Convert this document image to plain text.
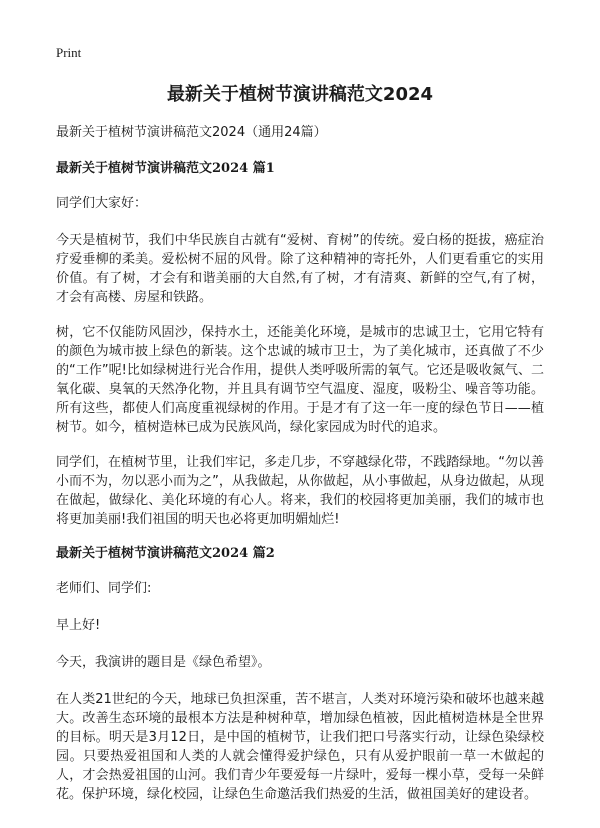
Print
最新关于植树节演讲稿范文2024

最新关于植树节演讲稿范文2024（通用24篇）

最新关于植树节演讲稿范文2024 篇1

同学们大家好：

今天是植树节，我们中华民族自古就有“爱树、育树”的传统。爱白杨的挺拔，癌症治疗爱垂柳的柔美。爱松树不屈的风骨。除了这种精神的寄托外，人们更看重它的实用价值。有了树，才会有和谐美丽的大自然,有了树，才有清爽、新鲜的空气,有了树，才会有高楼、房屋和铁路。

树，它不仅能防风固沙，保持水土，还能美化环境，是城市的忠诚卫士，它用它特有的颜色为城市披上绿色的新装。这个忠诚的城市卫士，为了美化城市，还真做了不少的“工作”呢!比如绿树进行光合作用，提供人类呼吸所需的氧气。它还是吸收氮气、二氧化碳、臭氧的天然净化物，并且具有调节空气温度、湿度，吸粉尘、噪音等功能。所有这些，都使人们高度重视绿树的作用。于是才有了这一年一度的绿色节日——植树节。如今，植树造林已成为民族风尚，绿化家园成为时代的追求。

同学们，在植树节里，让我们牢记，多走几步，不穿越绿化带，不践踏绿地。“勿以善小而不为，勿以恶小而为之”，从我做起，从你做起，从小事做起，从身边做起，从现在做起，做绿化、美化环境的有心人。将来，我们的校园将更加美丽，我们的城市也将更加美丽!我们祖国的明天也必将更加明媚灿烂!

最新关于植树节演讲稿范文2024 篇2

老师们、同学们:

早上好!

今天，我演讲的题目是《绿色希望》。

在人类21世纪的今天，地球已负担深重，苦不堪言，人类对环境污染和破坏也越来越大。改善生态环境的最根本方法是种树种草，增加绿色植被，因此植树造林是全世界的目标。明天是3月12日，是中国的植树节，让我们把口号落实行动，让绿色染绿校园。只要热爱祖国和人类的人就会懂得爱护绿色，只有从爱护眼前一草一木做起的人，才会热爱祖国的山河。我们青少年要爱每一片绿叶，爱每一棵小草，受每一朵鲜花。保护环境，绿化校园，让绿色生命邀活我们热爱的生活，做祖国美好的建设者。
